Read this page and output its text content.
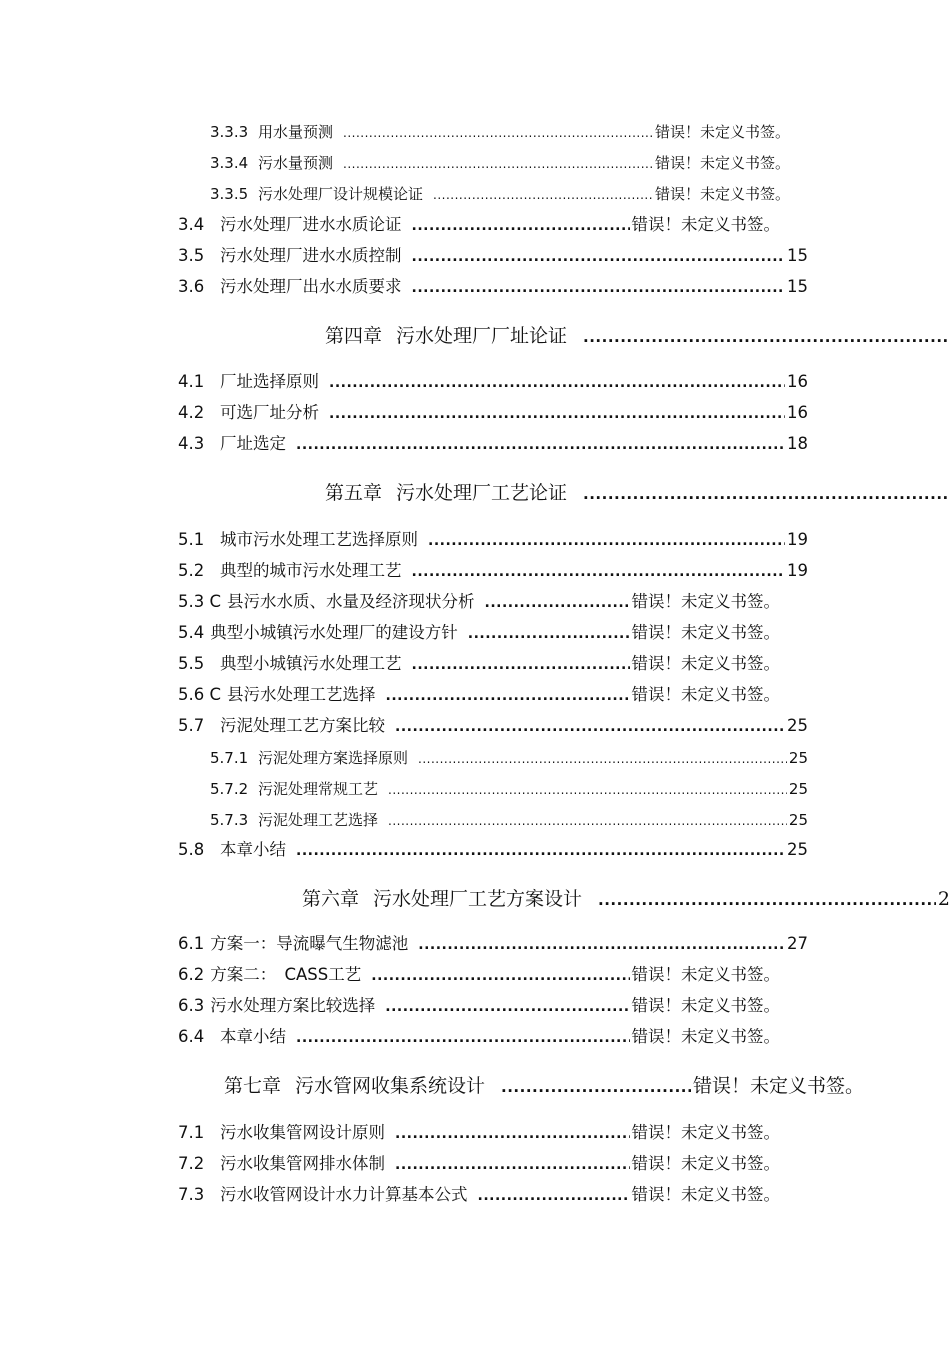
3.3.3 用水量预测 .....	错误！未定义书签。
3.3.4 污水量预测 .....	错误！未定义书签。
3.3.5 污水处理厂设计规模论证 .....	错误！未定义书签。
3.4 污水处理厂进水水质论证 .....	错误！未定义书签。
3.5 污水处理厂进水水质控制 .....	15
3.6 污水处理厂出水水质要求 .....	15
第四章 污水处理厂厂址论证
.....
4.1 厂址选择原则 .....	16
4.2 可选厂址分析 .....	16
4.3 厂址选定 .....	18
第五章 污水处理厂工艺论证
.....
5.1 城市污水处理工艺选择原则 .....	19
5.2 典型的城市污水处理工艺 .....	19
5.3 C 县污水水质、水量及经济现状分析 .....	错误！未定义书签。
5.4 典型小城镇污水处理厂的建设方针 .....	错误！未定义书签。
5.5 典型小城镇污水处理工艺 .....	错误！未定义书签。
5.6 C 县污水处理工艺选择 .....	错误！未定义书签。
5.7 污泥处理工艺方案比较 .....	25
5.7.1 污泥处理方案选择原则 .....	25
5.7.2 污泥处理常规工艺 .....	25
5.7.3 污泥处理工艺选择 .....	25
5.8 本章小结 .....	25
第六章 污水处理厂工艺方案设计 .....	2
6.1 方案一：导流曝气生物滤池 .....	27
6.2 方案二：　CASS工艺 .....	错误！未定义书签。
6.3 污水处理方案比较选择 .....	错误！未定义书签。
6.4 本章小结 .....	错误！未定义书签。
第七章 污水管网收集系统设计 .....	错误！未定义书签。
7.1 污水收集管网设计原则 .....	错误！未定义书签。
7.2 污水收集管网排水体制 .....	错误！未定义书签。
7.3 污水收管网设计水力计算基本公式 .....	错误！未定义书签。
